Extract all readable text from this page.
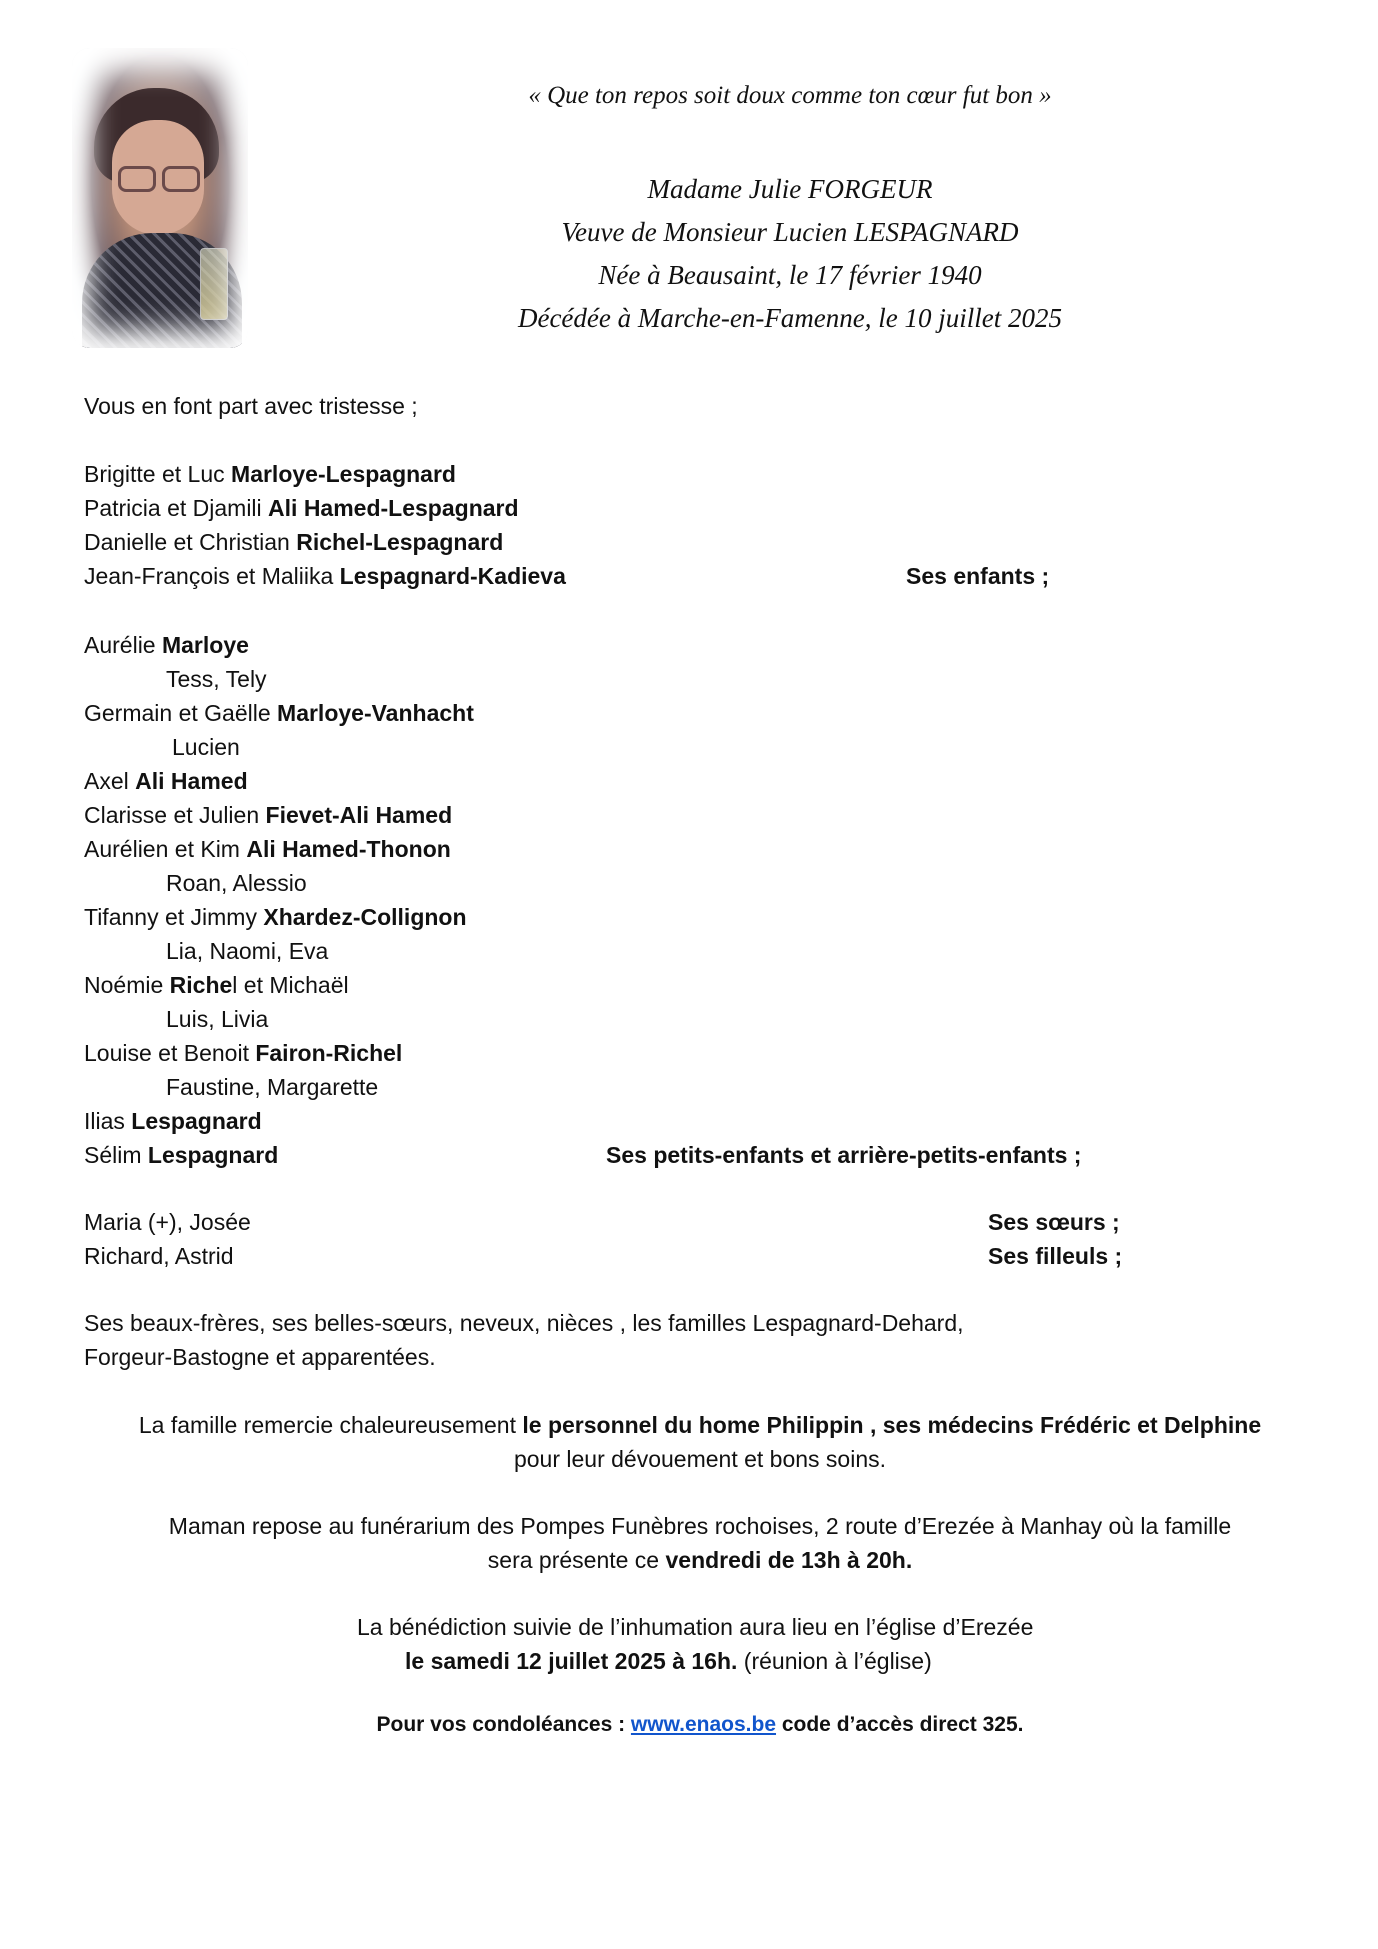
« Que ton repos soit doux comme ton cœur fut bon »
Madame Julie FORGEUR
Veuve de Monsieur Lucien LESPAGNARD
Née à Beausaint, le 17 février 1940
Décédée à Marche-en-Famenne, le 10 juillet 2025
Vous en font part avec tristesse ;
Brigitte et Luc Marloye-Lespagnard
Patricia et Djamili Ali Hamed-Lespagnard
Danielle et Christian Richel-Lespagnard
Jean-François et Maliika Lespagnard-Kadieva	Ses enfants ;
Aurélie Marloye
Tess, Tely
Germain et Gaëlle Marloye-Vanhacht
Lucien
Axel Ali Hamed
Clarisse et Julien Fievet-Ali Hamed
Aurélien et Kim Ali Hamed-Thonon
Roan, Alessio
Tifanny et Jimmy Xhardez-Collignon
Lia, Naomi, Eva
Noémie Richel et Michaël
Luis, Livia
Louise et Benoit Fairon-Richel
Faustine, Margarette
Ilias Lespagnard
Sélim Lespagnard	Ses petits-enfants et arrière-petits-enfants ;
Maria (+), Josée	Ses sœurs ;
Richard, Astrid	Ses filleuls ;
Ses beaux-frères, ses belles-sœurs, neveux, nièces , les familles Lespagnard-Dehard,
Forgeur-Bastogne et apparentées.
La famille remercie chaleureusement le personnel du home Philippin , ses médecins Frédéric et Delphine
pour leur dévouement et bons soins.
Maman repose au funérarium des Pompes Funèbres rochoises, 2 route d’Erezée à Manhay où la famille
sera présente ce vendredi de 13h à 20h.
La bénédiction suivie de l’inhumation aura lieu en l’église d’Erezée
le samedi 12 juillet 2025 à 16h. (réunion à l’église)
Pour vos condoléances : www.enaos.be code d’accès direct 325.
